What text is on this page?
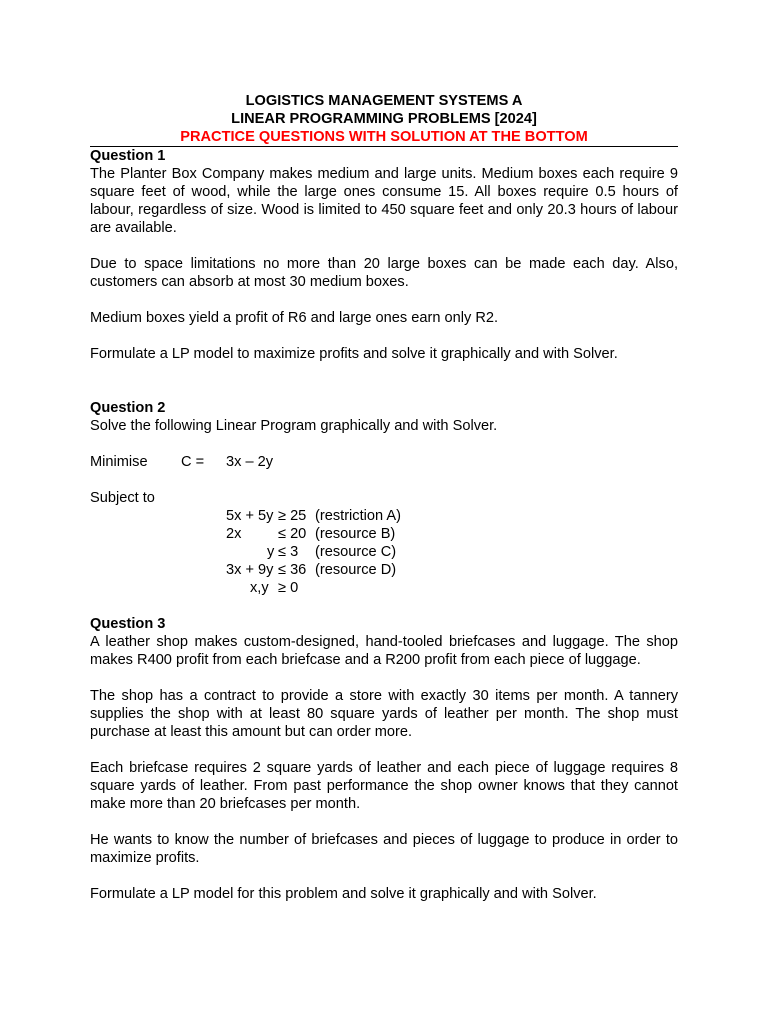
LOGISTICS MANAGEMENT SYSTEMS A
LINEAR PROGRAMMING PROBLEMS [2024]
PRACTICE QUESTIONS WITH SOLUTION AT THE BOTTOM
Question 1

The Planter Box Company makes medium and large units. Medium boxes each require 9 square feet of wood, while the large ones consume 15. All boxes require 0.5 hours of labour, regardless of size. Wood is limited to 450 square feet and only 20.3 hours of labour are available.

Due to space limitations no more than 20 large boxes can be made each day. Also, customers can absorb at most 30 medium boxes.

Medium boxes yield a profit of R6 and large ones earn only R2.

Formulate a LP model to maximize profits and solve it graphically and with Solver.

Question 2

Solve the following Linear Program graphically and with Solver.

Minimise

C =

3x – 2y

Subject to

5x + 5y

≥ 25

(restriction A)

2x

	≤ 20

(resource B)

y

≤ 3

(resource C)

3x + 9y

≤ 36

(resource D)

x,y

≥ 0

Question 3

A leather shop makes custom-designed, hand-tooled briefcases and luggage. The shop makes R400 profit from each briefcase and a R200 profit from each piece of luggage.

The shop has a contract to provide a store with exactly 30 items per month. A tannery supplies the shop with at least 80 square yards of leather per month. The shop must purchase at least this amount but can order more.

Each briefcase requires 2 square yards of leather and each piece of luggage requires 8 square yards of leather. From past performance the shop owner knows that they cannot make more than 20 briefcases per month.

He wants to know the number of briefcases and pieces of luggage to produce in order to maximize profits.

Formulate a LP model for this problem and solve it graphically and with Solver.
